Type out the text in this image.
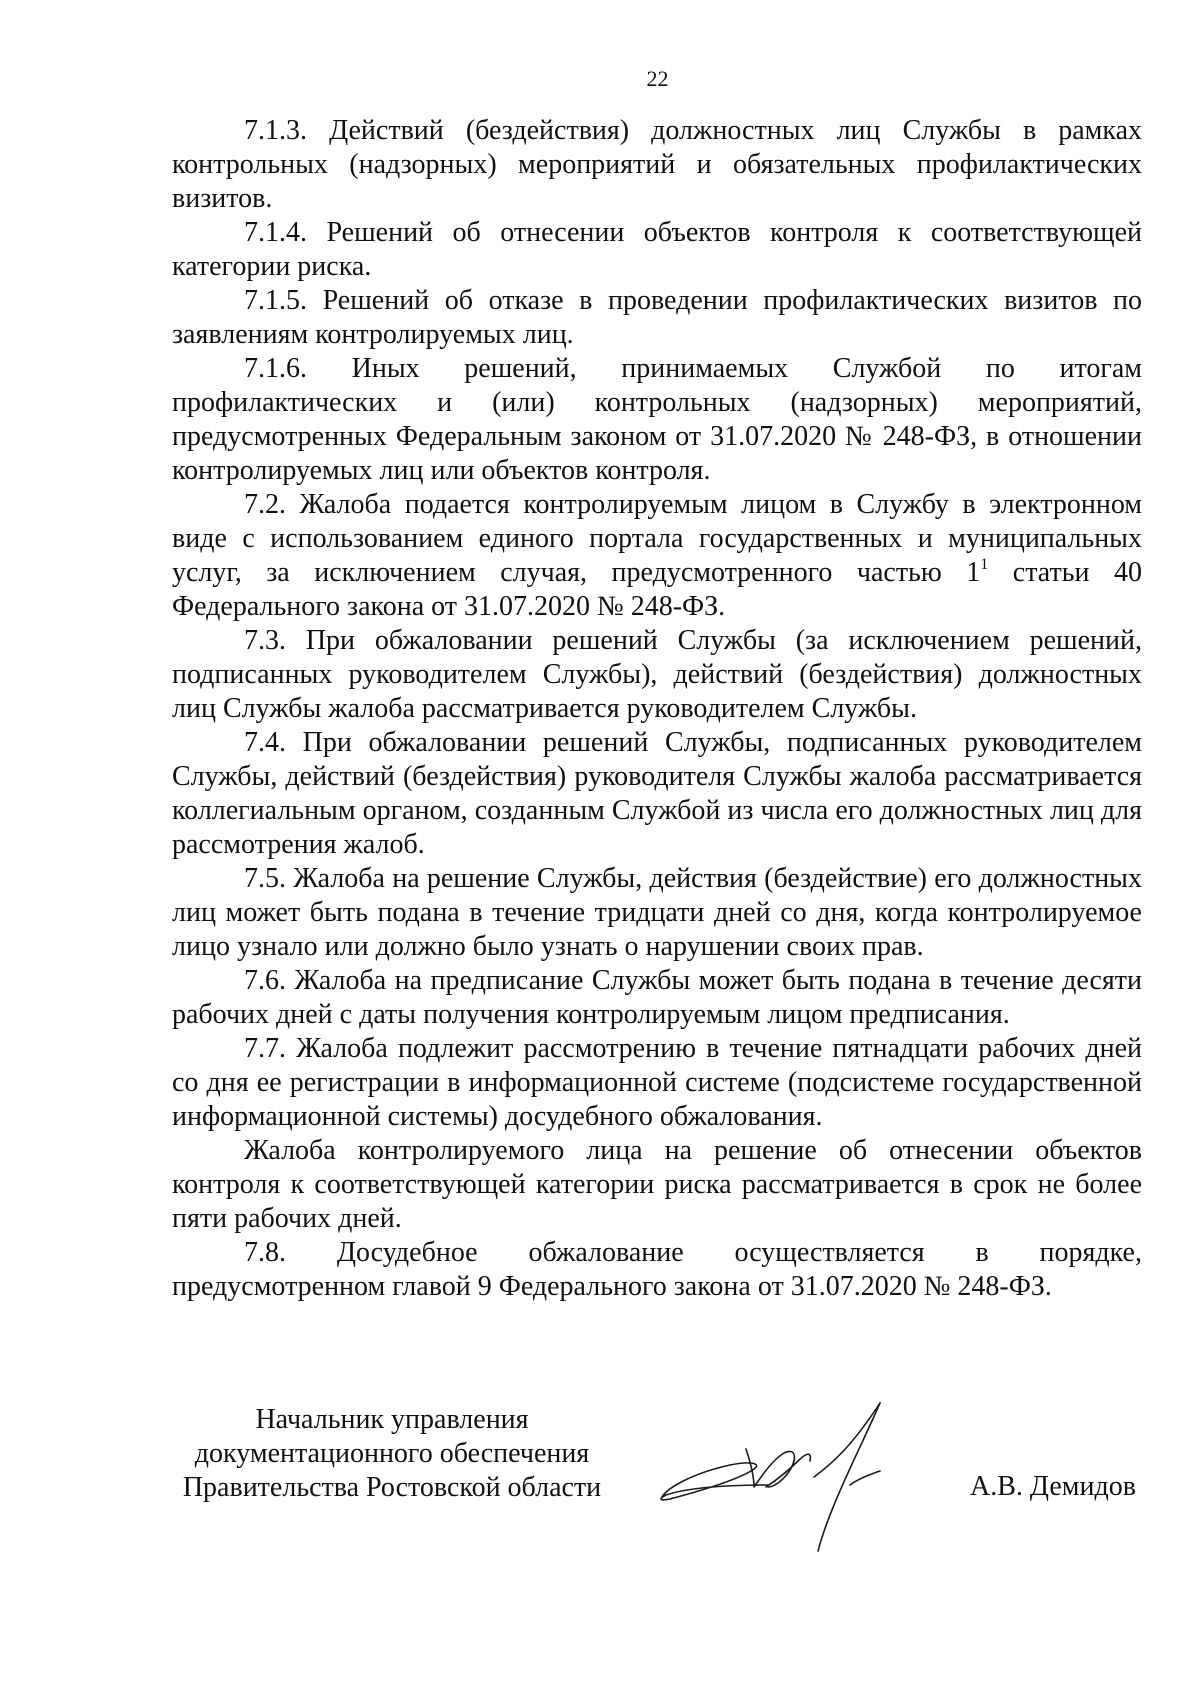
22

7.1.3. Действий (бездействия) должностных лиц Службы в рамках контрольных (надзорных) мероприятий и обязательных профилактических визитов.

7.1.4. Решений об отнесении объектов контроля к соответствующей категории риска.

7.1.5. Решений об отказе в проведении профилактических визитов по заявлениям контролируемых лиц.

7.1.6. Иных решений, принимаемых Службой по итогам профилактических и (или) контрольных (надзорных) мероприятий, предусмотренных Федеральным законом от 31.07.2020 № 248-ФЗ, в отношении контролируемых лиц или объектов контроля.

7.2. Жалоба подается контролируемым лицом в Службу в электронном виде с использованием единого портала государственных и муниципальных услуг, за исключением случая, предусмотренного частью $1^1$ статьи 40 Федерального закона от 31.07.2020 № 248-ФЗ.

7.3. При обжаловании решений Службы (за исключением решений, подписанных руководителем Службы), действий (бездействия) должностных лиц Службы жалоба рассматривается руководителем Службы.

7.4. При обжаловании решений Службы, подписанных руководителем Службы, действий (бездействия) руководителя Службы жалоба рассматривается коллегиальным органом, созданным Службой из числа его должностных лиц для рассмотрения жалоб.

7.5. Жалоба на решение Службы, действия (бездействие) его должностных лиц может быть подана в течение тридцати дней со дня, когда контролируемое лицо узнало или должно было узнать о нарушении своих прав.

7.6. Жалоба на предписание Службы может быть подана в течение десяти рабочих дней с даты получения контролируемым лицом предписания.

7.7. Жалоба подлежит рассмотрению в течение пятнадцати рабочих дней со дня ее регистрации в информационной системе (подсистеме государственной информационной системы) досудебного обжалования.

Жалоба контролируемого лица на решение об отнесении объектов контроля к соответствующей категории риска рассматривается в срок не более пяти рабочих дней.

7.8. Досудебное обжалование осуществляется в порядке, предусмотренном главой 9 Федерального закона от 31.07.2020 № 248-ФЗ.

Начальник управления
документационного обеспечения
Правительства Ростовской области	А.В. Демидов
